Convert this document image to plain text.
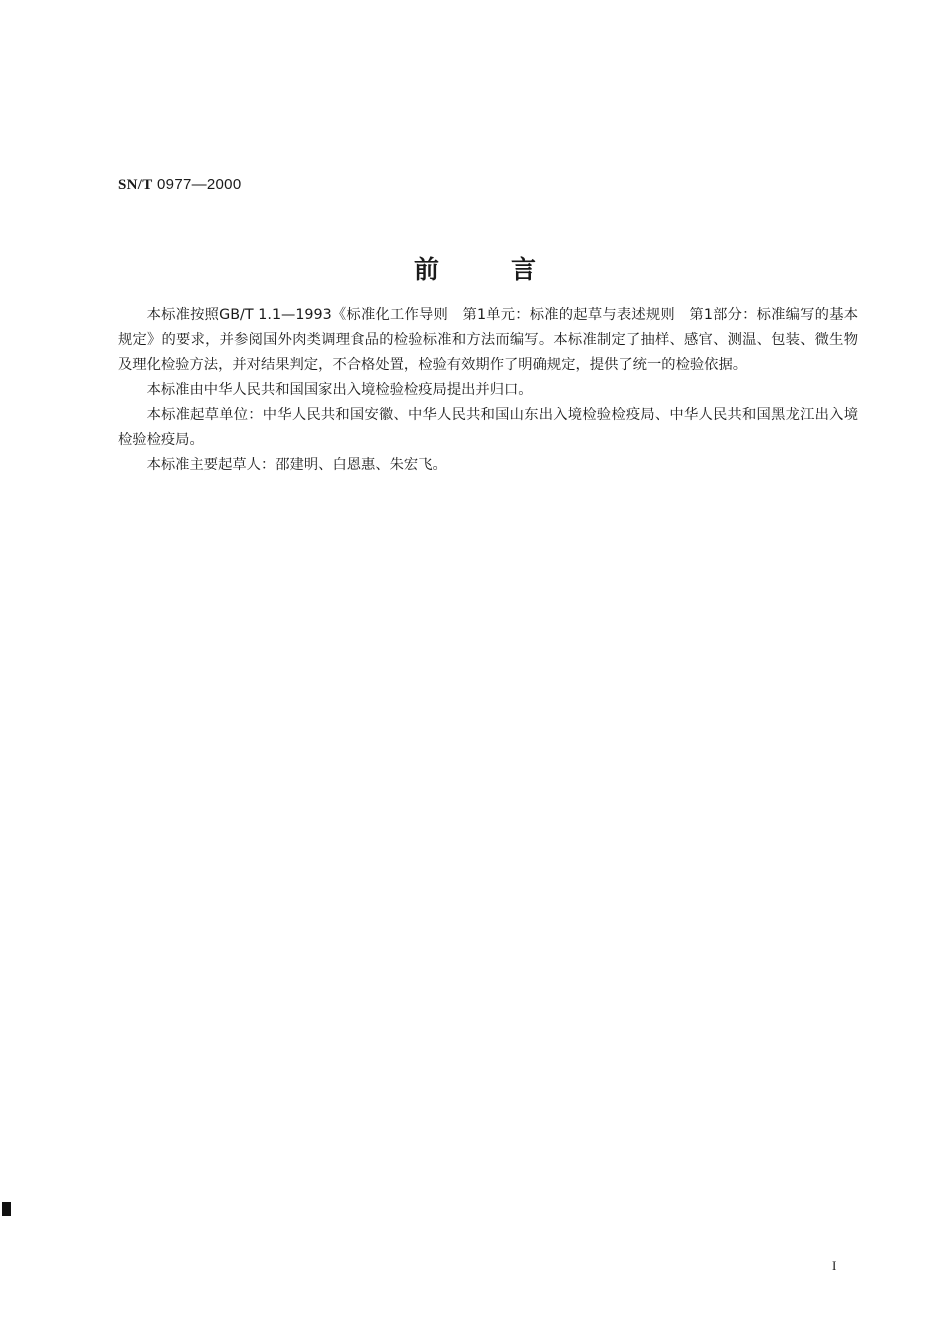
SN/T 0977—2000
前言

本标准按照GB/T 1.1—1993《标准化工作导则　第1单元：标准的起草与表述规则　第1部分：标准编写的基本规定》的要求，并参阅国外肉类调理食品的检验标准和方法而编写。本标准制定了抽样、感官、测温、包装、微生物及理化检验方法，并对结果判定，不合格处置，检验有效期作了明确规定，提供了统一的检验依据。

本标准由中华人民共和国国家出入境检验检疫局提出并归口。

本标准起草单位：中华人民共和国安徽、中华人民共和国山东出入境检验检疫局、中华人民共和国黑龙江出入境检验检疫局。

本标准主要起草人：邵建明、白恩惠、朱宏飞。

I
